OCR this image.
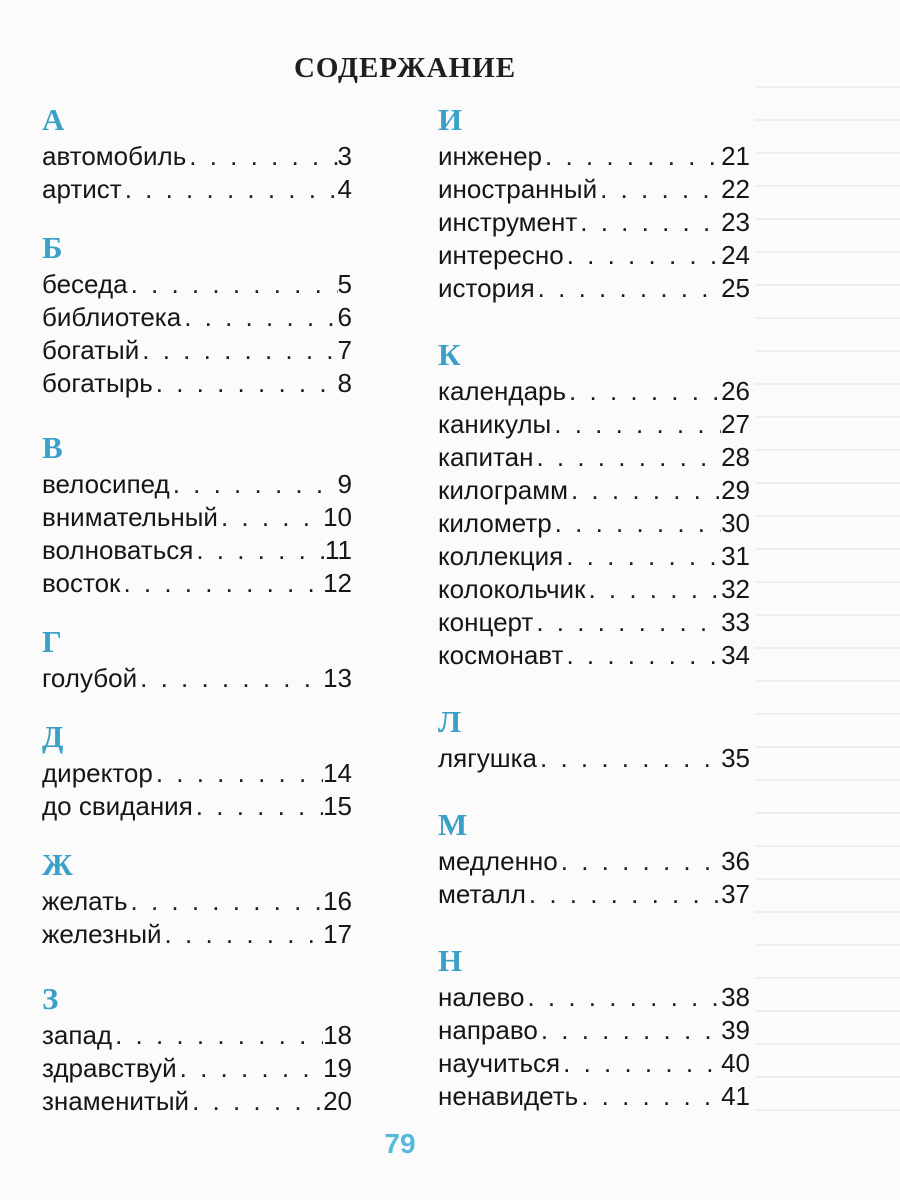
СОДЕРЖАНИЕ
А
автомобиль . . .	3
артист . . .	4
Б
беседа . . .	5
библиотека . . .	6
богатый . . .	7
богатырь . . .	8
В
велосипед . . .	9
внимательный . . .	10
волноваться . . .	11
восток . . .	12
Г
голубой . . .	13
Д
директор . . .	14
до свидания . . .	15
Ж
желать . . .	16
железный . . .	17
З
запад . . .	18
здравствуй . . .	19
знаменитый . . .	20
И
инженер . . .	21
иностранный . . .	22
инструмент . . .	23
интересно . . .	24
история . . .	25
К
календарь . . .	26
каникулы . . .	27
капитан . . .	28
килограмм . . .	29
километр . . .	30
коллекция . . .	31
колокольчик . . .	32
концерт . . .	33
космонавт . . .	34
Л
лягушка . . .	35
М
медленно . . .	36
металл . . .	37
Н
налево . . .	38
направо . . .	39
научиться . . .	40
ненавидеть . . .	41
79
